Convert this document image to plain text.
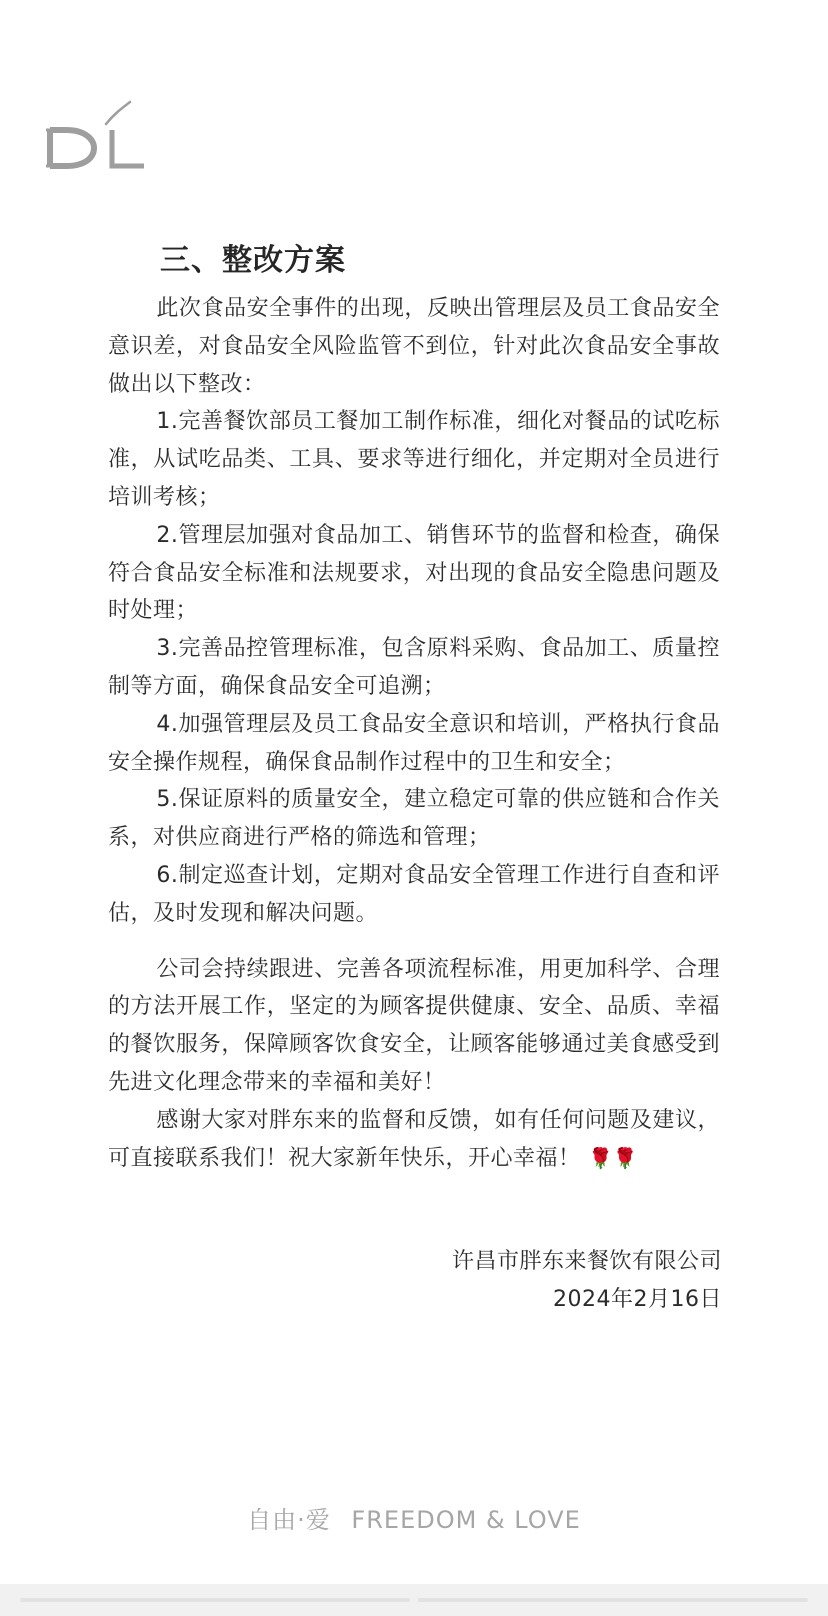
三、整改方案

此次食品安全事件的出现，反映出管理层及员工食品安全意识差，对食品安全风险监管不到位，针对此次食品安全事故做出以下整改：

1.完善餐饮部员工餐加工制作标准，细化对餐品的试吃标准，从试吃品类、工具、要求等进行细化，并定期对全员进行培训考核；

2.管理层加强对食品加工、销售环节的监督和检查，确保符合食品安全标准和法规要求，对出现的食品安全隐患问题及时处理；

3.完善品控管理标准，包含原料采购、食品加工、质量控制等方面，确保食品安全可追溯；

4.加强管理层及员工食品安全意识和培训，严格执行食品安全操作规程，确保食品制作过程中的卫生和安全；

5.保证原料的质量安全，建立稳定可靠的供应链和合作关系，对供应商进行严格的筛选和管理；

6.制定巡查计划，定期对食品安全管理工作进行自查和评估，及时发现和解决问题。

公司会持续跟进、完善各项流程标准，用更加科学、合理的方法开展工作，坚定的为顾客提供健康、安全、品质、幸福的餐饮服务，保障顾客饮食安全，让顾客能够通过美食感受到先进文化理念带来的幸福和美好！

感谢大家对胖东来的监督和反馈，如有任何问题及建议，可直接联系我们！祝大家新年快乐，开心幸福！ 🌹🌹

许昌市胖东来餐饮有限公司
2024年2月16日
自由·爱 FREEDOM & LOVE
